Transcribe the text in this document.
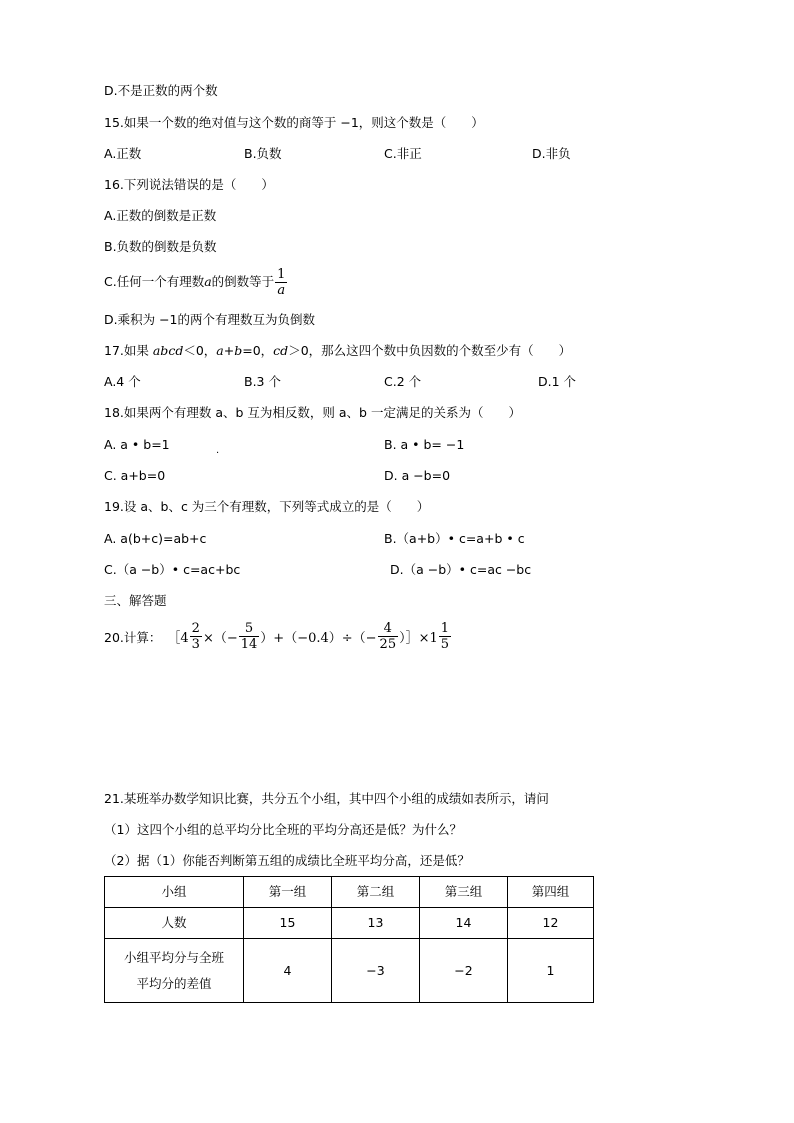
D.不是正数的两个数
15.如果一个数的绝对值与这个数的商等于 −1，则这个数是（　　）
A.正数	B.负数	C.非正	D.非负
16.下列说法错误的是（　　）
A.正数的倒数是正数
B.负数的倒数是负数
C.任何一个有理数 a 的倒数等于 $\frac{1}{a}$
D.乘积为 −1的两个有理数互为负倒数
17.如果 abcd＜0，a+b=0，cd＞0，那么这四个数中负因数的个数至少有（　　）
A.4 个	B.3 个	C.2 个	D.1 个
18.如果两个有理数 a、b 互为相反数，则 a、b 一定满足的关系为（　　）
A. a • b=1	.	B. a • b= −1
C. a+b=0	D. a −b=0
19.设 a、b、c 为三个有理数，下列等式成立的是（　　）
A. a(b+c)=ab+c	B.（a+b）• c=a+b • c
C.（a −b）• c=ac+bc	D.（a −b）• c=ac −bc
三、解答题
20.计算： ［4 $\frac{2}{3}$ ×（− $\frac{5}{14} )+(-0.4)\div(- \frac{4}{25}$ ）］×1 $\frac{1}{5}$
21.某班举办数学知识比赛，共分五个小组，其中四个小组的成绩如表所示，请问
（1）这四个小组的总平均分比全班的平均分高还是低？为什么？
（2）据（1）你能否判断第五组的成绩比全班平均分高，还是低？
小组	第一组	第二组	第三组	第四组
人数	15	13	14	12

小组平均分与全班
平均分的差值	4	−3	−2	1
